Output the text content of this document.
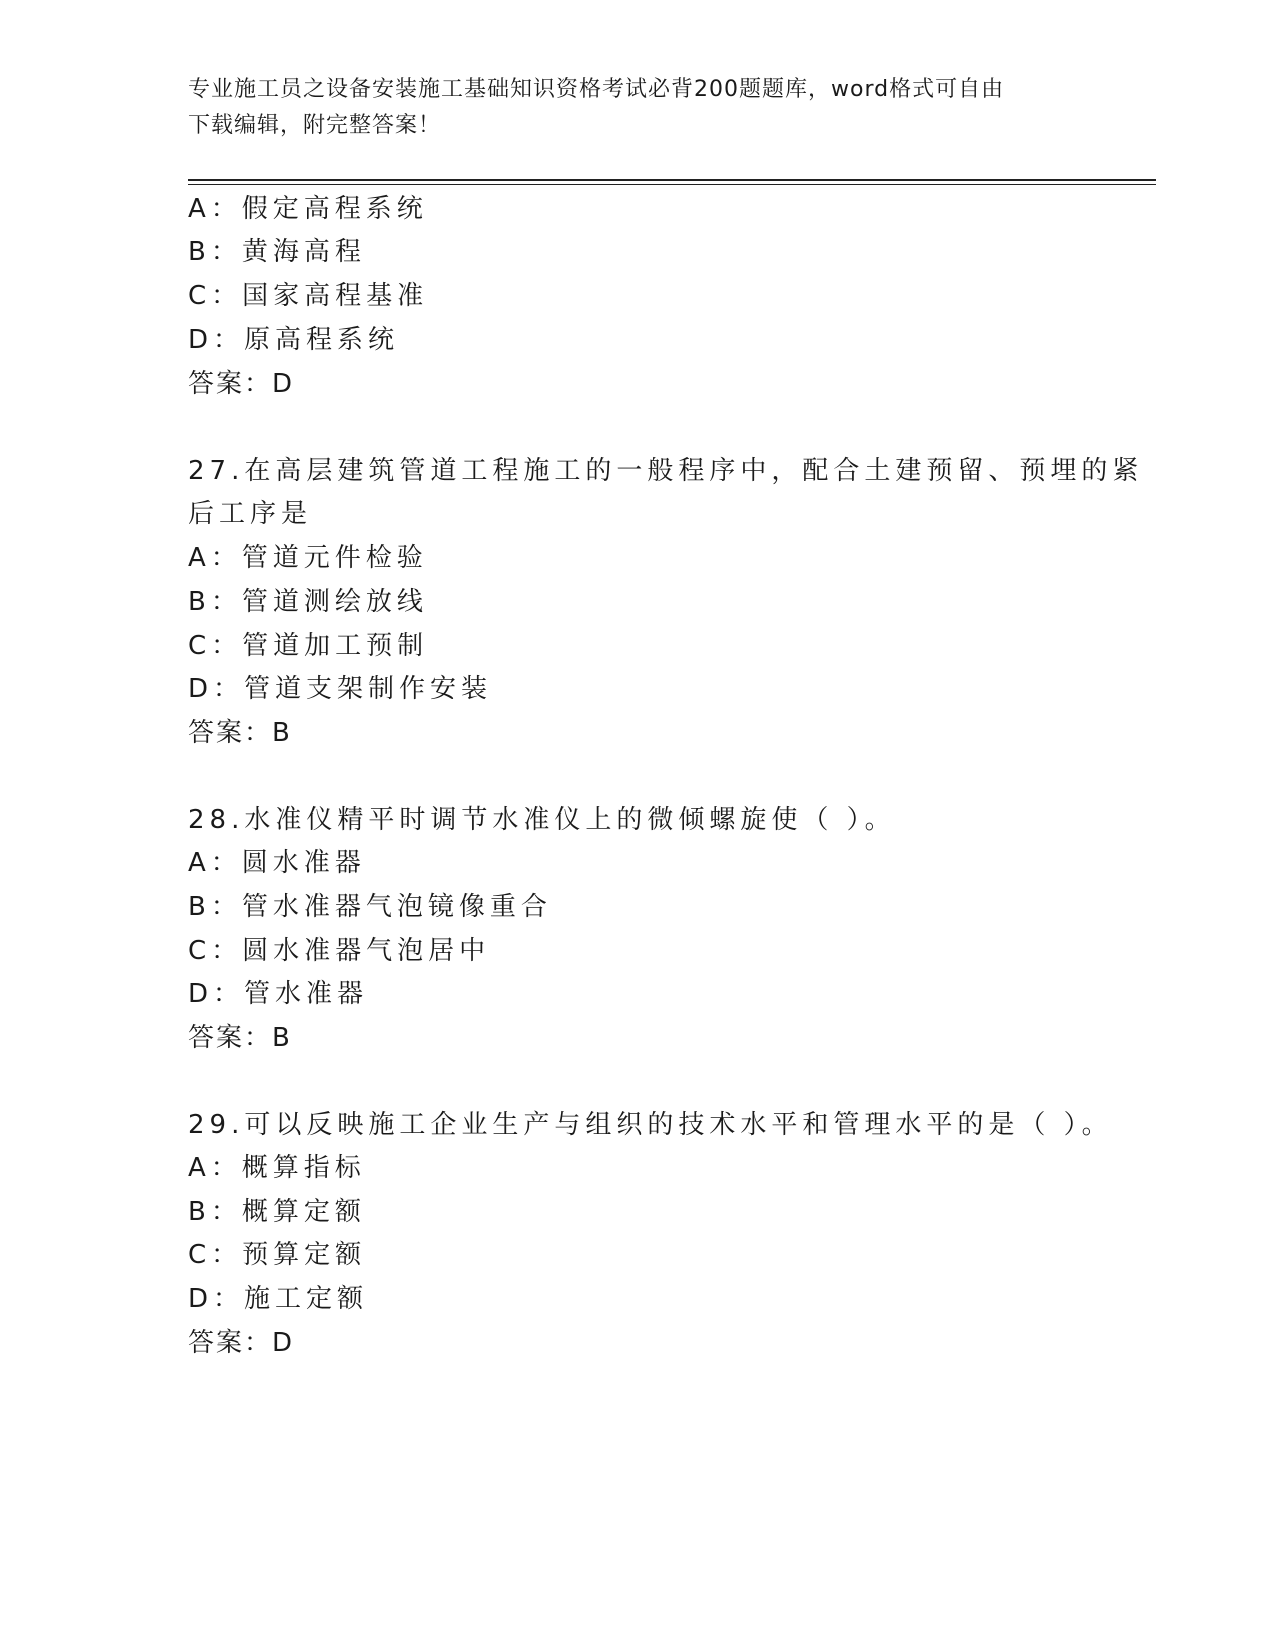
专业施工员之设备安装施工基础知识资格考试必背200题题库，word格式可自由
下载编辑，附完整答案！
A：假定高程系统
B：黄海高程
C：国家高程基准
D：原高程系统
答案：D
27.在高层建筑管道工程施工的一般程序中，配合土建预留、预埋的紧
后工序是
A：管道元件检验
B：管道测绘放线
C：管道加工预制
D：管道支架制作安装
答案：B
28.水准仪精平时调节水准仪上的微倾螺旋使（ ）。
A：圆水准器
B：管水准器气泡镜像重合
C：圆水准器气泡居中
D：管水准器
答案：B
29.可以反映施工企业生产与组织的技术水平和管理水平的是（ ）。
A：概算指标
B：概算定额
C：预算定额
D：施工定额
答案：D
